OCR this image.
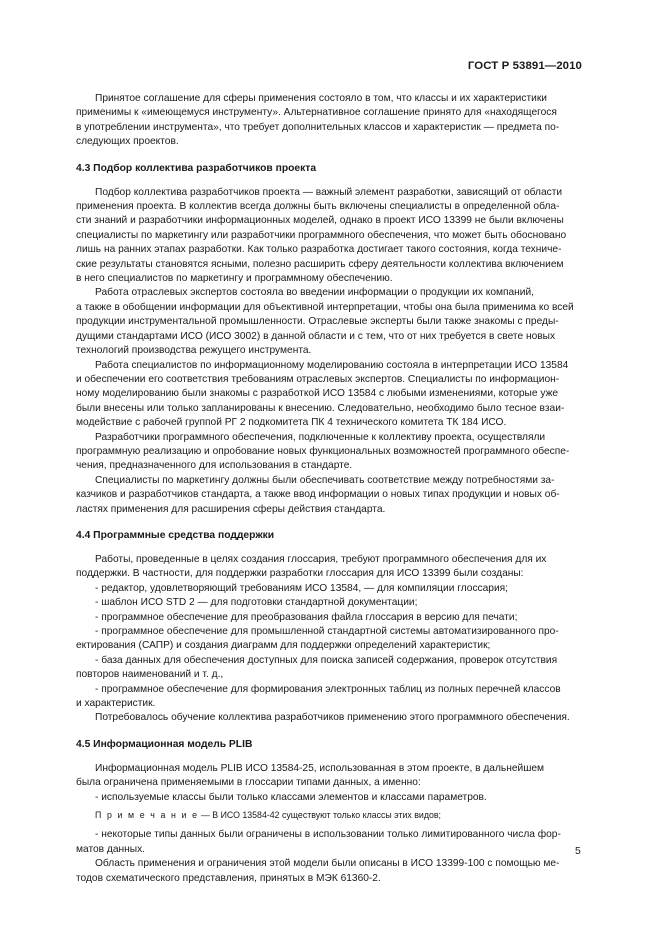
ГОСТ Р 53891—2010

Принятое соглашение для сферы применения состояло в том, что классы и их характеристики
применимы к «имеющемуся инструменту». Альтернативное соглашение принято для «находящегося
в употреблении инструмента», что требует дополнительных классов и характеристик — предмета по-
следующих проектов.

4.3 Подбор коллектива разработчиков проекта

Подбор коллектива разработчиков проекта — важный элемент разработки, зависящий от области
применения проекта. В коллектив всегда должны быть включены специалисты в определенной обла-
сти знаний и разработчики информационных моделей, однако в проект ИСО 13399 не были включены
специалисты по маркетингу или разработчики программного обеспечения, что может быть обосновано
лишь на ранних этапах разработки. Как только разработка достигает такого состояния, когда техниче-
ские результаты становятся ясными, полезно расширить сферу деятельности коллектива включением
в него специалистов по маркетингу и программному обеспечению.

Работа отраслевых экспертов состояла во введении информации о продукции их компаний,
а также в обобщении информации для объективной интерпретации, чтобы она была применима ко всей
продукции инструментальной промышленности. Отраслевые эксперты были также знакомы с преды-
дущими стандартами ИСО (ИСО 3002) в данной области и с тем, что от них требуется в свете новых
технологий производства режущего инструмента.

Работа специалистов по информационному моделированию состояла в интерпретации ИСО 13584
и обеспечении его соответствия требованиям отраслевых экспертов. Специалисты по информацион-
ному моделированию были знакомы с разработкой ИСО 13584 с любыми изменениями, которые уже
были внесены или только запланированы к внесению. Следовательно, необходимо было тесное взаи-
модействие с рабочей группой РГ 2 подкомитета ПК 4 технического комитета ТК 184 ИСО.

Разработчики программного обеспечения, подключенные к коллективу проекта, осуществляли
программную реализацию и опробование новых функциональных возможностей программного обеспе-
чения, предназначенного для использования в стандарте.

Специалисты по маркетингу должны были обеспечивать соответствие между потребностями за-
казчиков и разработчиков стандарта, а также ввод информации о новых типах продукции и новых об-
ластях применения для расширения сферы действия стандарта.

4.4 Программные средства поддержки

Работы, проведенные в целях создания глоссария, требуют программного обеспечения для их
поддержки. В частности, для поддержки разработки глоссария для ИСО 13399 были созданы:

- редактор, удовлетворяющий требованиям ИСО 13584, — для компиляции глоссария;

- шаблон ИСО STD 2 — для подготовки стандартной документации;

- программное обеспечение для преобразования файла глоссария в версию для печати;

- программное обеспечение для промышленной стандартной системы автоматизированного про-
ектирования (САПР) и создания диаграмм для поддержки определений характеристик;

- база данных для обеспечения доступных для поиска записей содержания, проверок отсутствия
повторов наименований и т. д.,

- программное обеспечение для формирования электронных таблиц из полных перечней классов
и характеристик.

Потребовалось обучение коллектива разработчиков применению этого программного обеспечения.

4.5 Информационная модель PLIB

Информационная модель PLIB ИСО 13584-25, использованная в этом проекте, в дальнейшем
была ограничена применяемыми в глоссарии типами данных, а именно:

- используемые классы были только классами элементов и классами параметров.

П р и м е ч а н и е — В ИСО 13584-42 существуют только классы этих видов;

- некоторые типы данных были ограничены в использовании только лимитированного числа фор-
матов данных.

Область применения и ограничения этой модели были описаны в ИСО 13399-100 с помощью ме-
тодов схематического представления, принятых в МЭК 61360-2.

5
